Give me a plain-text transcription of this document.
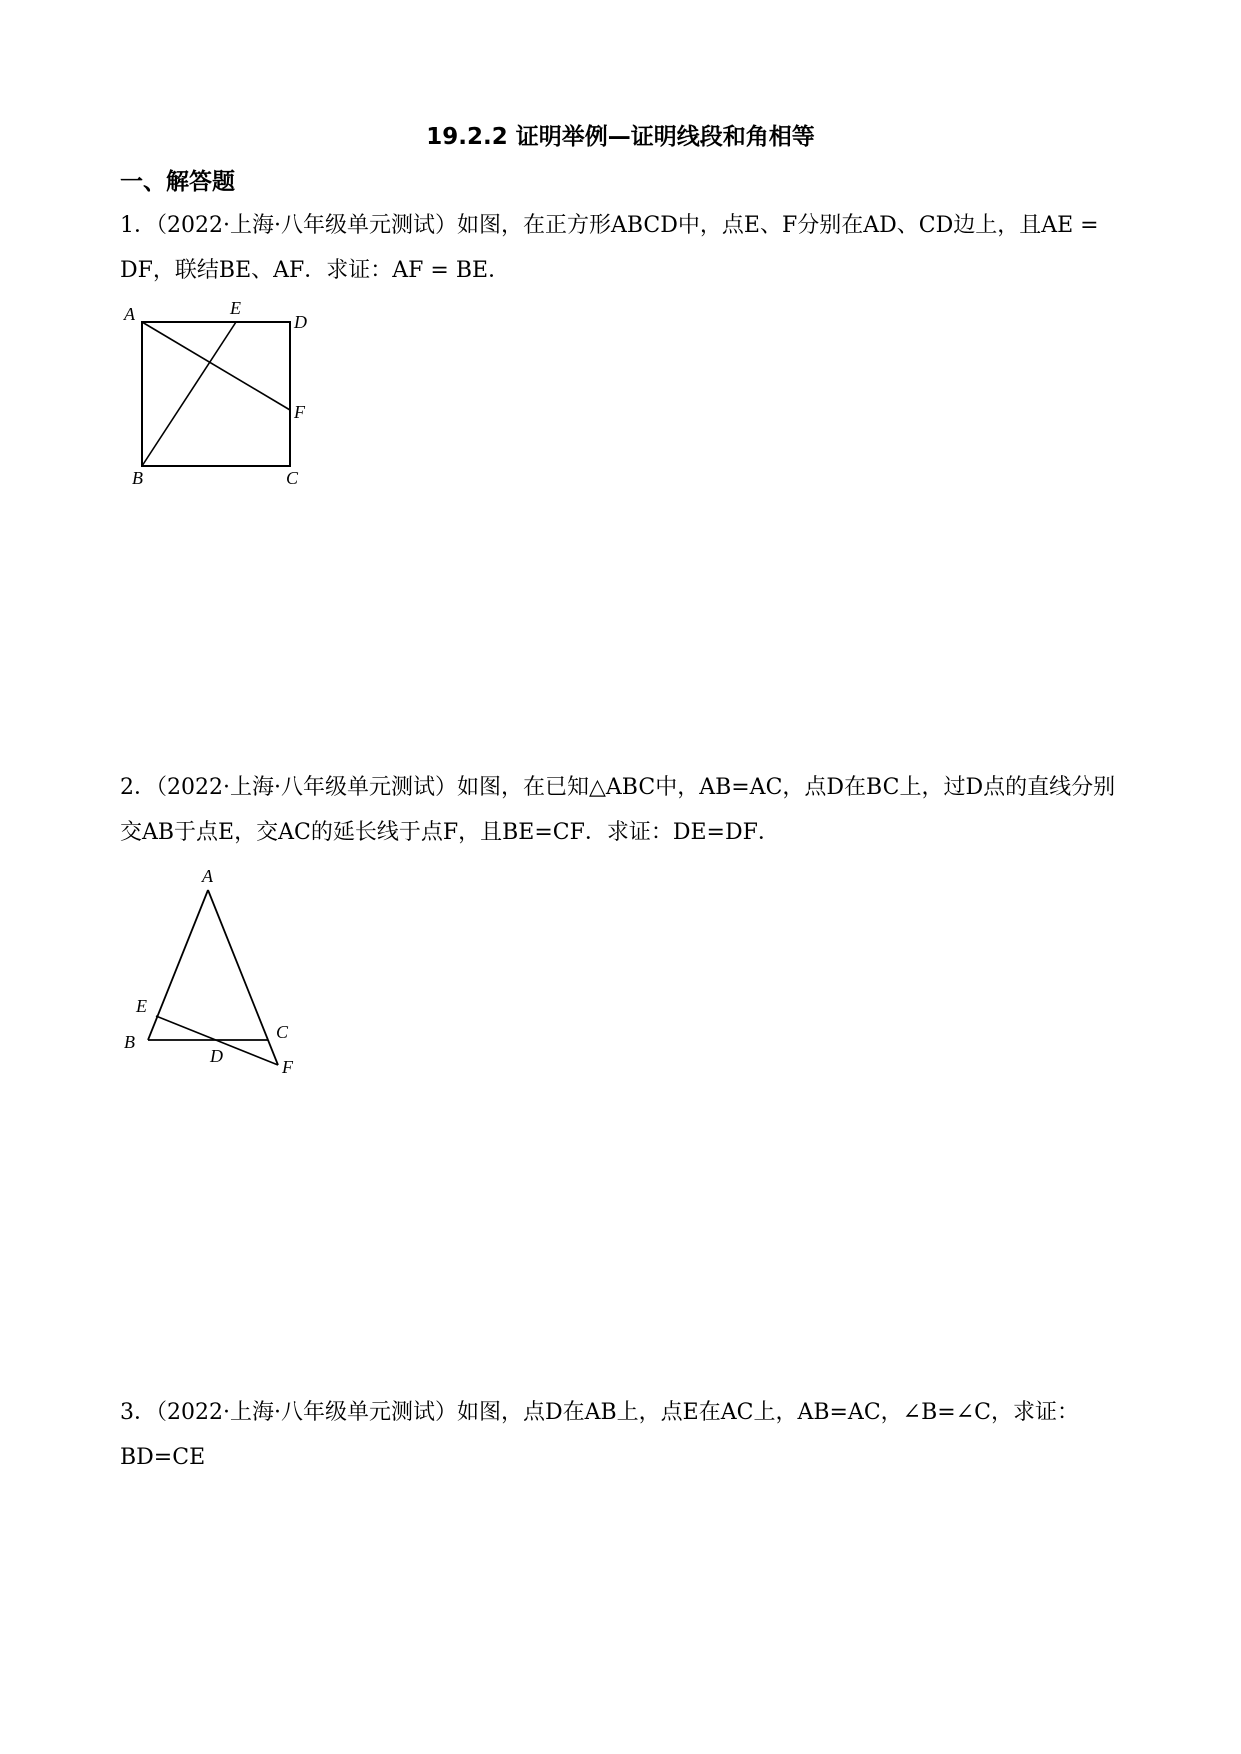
19.2.2 证明举例—证明线段和角相等
一、解答题
1．（2022·上海·八年级单元测试）如图，在正方形ABCD中，点E、F分别在AD、CD边上，且AE = DF，联结BE、AF．求证：AF = BE．
A	E
D
F
B	C
2．（2022·上海·八年级单元测试）如图，在已知△ABC中，AB=AC，点D在BC上，过D点的直线分别交AB于点E，交AC的延长线于点F，且BE=CF．求证：DE=DF．
A
E
B
D
C
F
3．（2022·上海·八年级单元测试）如图，点D在AB上，点E在AC上，AB=AC，∠B=∠C，求证：BD=CE
